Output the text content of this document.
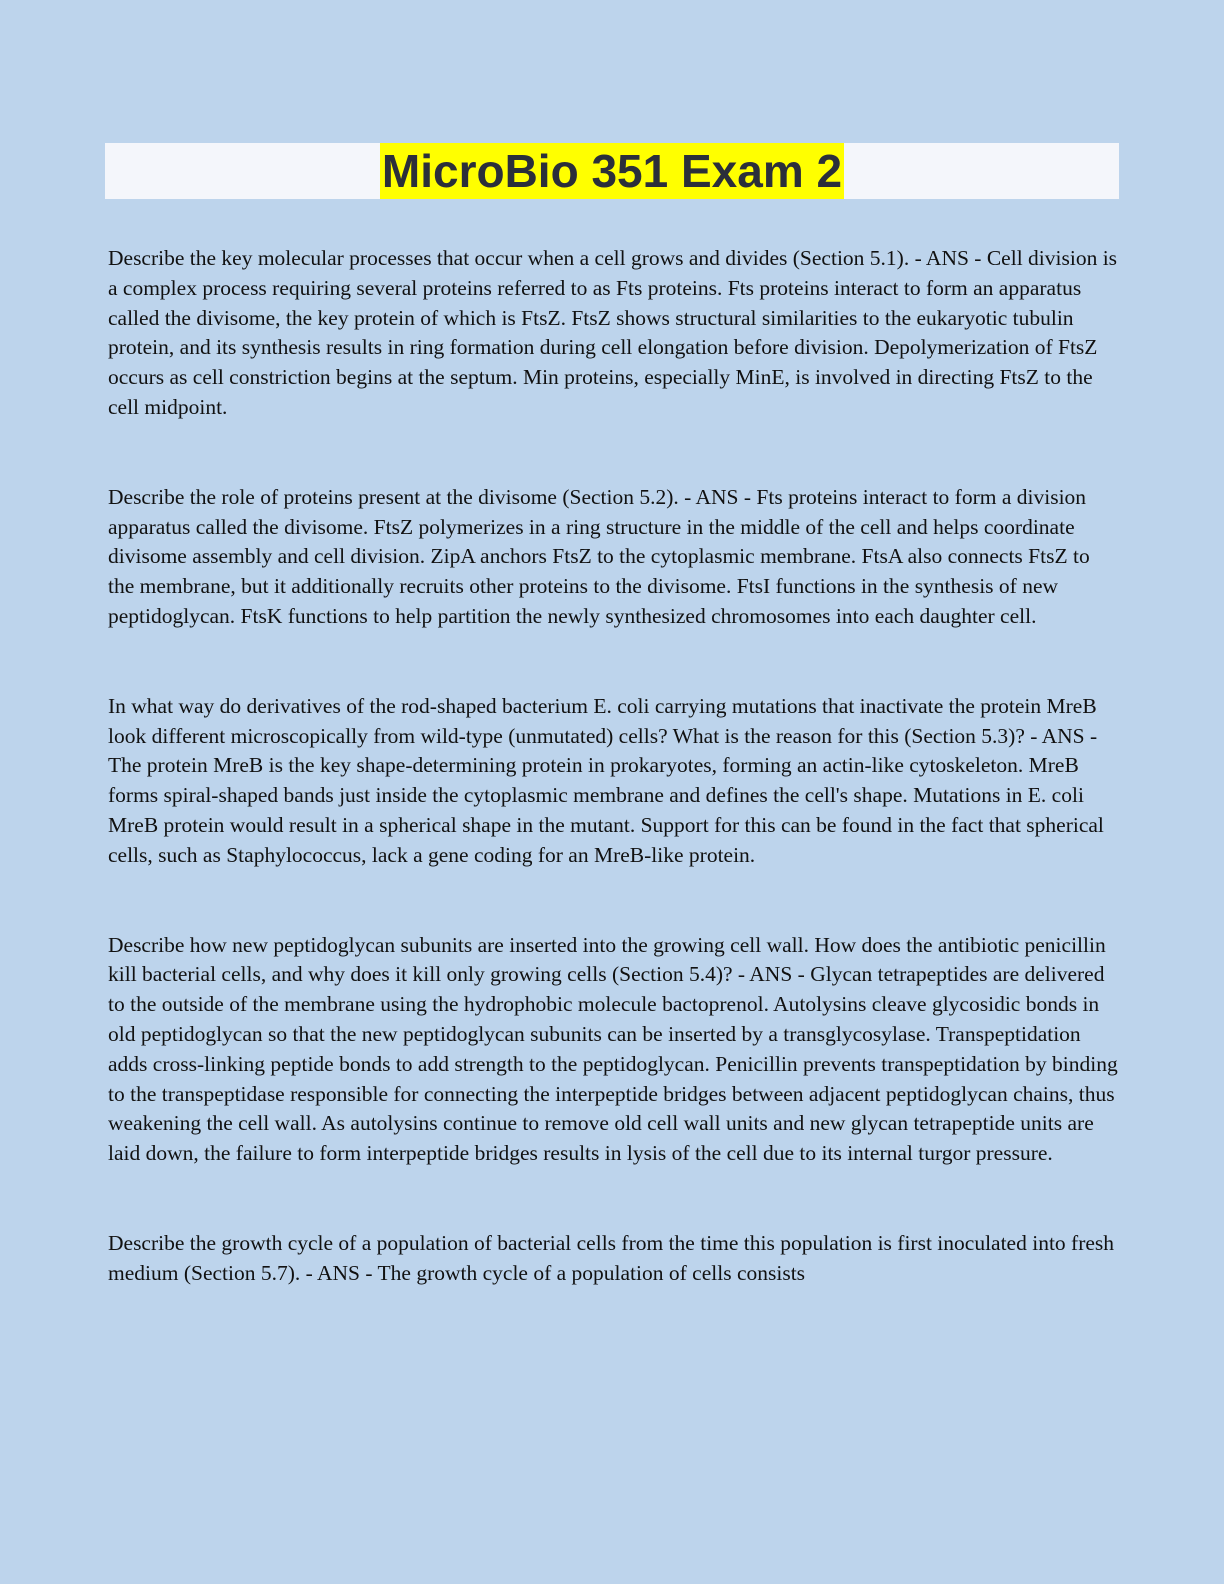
MicroBio 351 Exam 2

Describe the key molecular processes that occur when a cell grows and divides (Section 5.1). - ANS - Cell division is a complex process requiring several proteins referred to as Fts proteins. Fts proteins interact to form an apparatus called the divisome, the key protein of which is FtsZ. FtsZ shows structural similarities to the eukaryotic tubulin protein, and its synthesis results in ring formation during cell elongation before division. Depolymerization of FtsZ occurs as cell constriction begins at the septum. Min proteins, especially MinE, is involved in directing FtsZ to the cell midpoint.

Describe the role of proteins present at the divisome (Section 5.2). - ANS - Fts proteins interact to form a division apparatus called the divisome. FtsZ polymerizes in a ring structure in the middle of the cell and helps coordinate divisome assembly and cell division. ZipA anchors FtsZ to the cytoplasmic membrane. FtsA also connects FtsZ to the membrane, but it additionally recruits other proteins to the divisome. FtsI functions in the synthesis of new peptidoglycan. FtsK functions to help partition the newly synthesized chromosomes into each daughter cell.

In what way do derivatives of the rod-shaped bacterium E. coli carrying mutations that inactivate the protein MreB look different microscopically from wild-type (unmutated) cells? What is the reason for this (Section 5.3)? - ANS - The protein MreB is the key shape-determining protein in prokaryotes, forming an actin-like cytoskeleton. MreB forms spiral-shaped bands just inside the cytoplasmic membrane and defines the cell's shape. Mutations in E. coli MreB protein would result in a spherical shape in the mutant. Support for this can be found in the fact that spherical cells, such as Staphylococcus, lack a gene coding for an MreB-like protein.

Describe how new peptidoglycan subunits are inserted into the growing cell wall. How does the antibiotic penicillin kill bacterial cells, and why does it kill only growing cells (Section 5.4)? - ANS - Glycan tetrapeptides are delivered to the outside of the membrane using the hydrophobic molecule bactoprenol. Autolysins cleave glycosidic bonds in old peptidoglycan so that the new peptidoglycan subunits can be inserted by a transglycosylase. Transpeptidation adds cross-linking peptide bonds to add strength to the peptidoglycan. Penicillin prevents transpeptidation by binding to the transpeptidase responsible for connecting the interpeptide bridges between adjacent peptidoglycan chains, thus weakening the cell wall. As autolysins continue to remove old cell wall units and new glycan tetrapeptide units are laid down, the failure to form interpeptide bridges results in lysis of the cell due to its internal turgor pressure.

Describe the growth cycle of a population of bacterial cells from the time this population is first inoculated into fresh medium (Section 5.7). - ANS - The growth cycle of a population of cells consists
